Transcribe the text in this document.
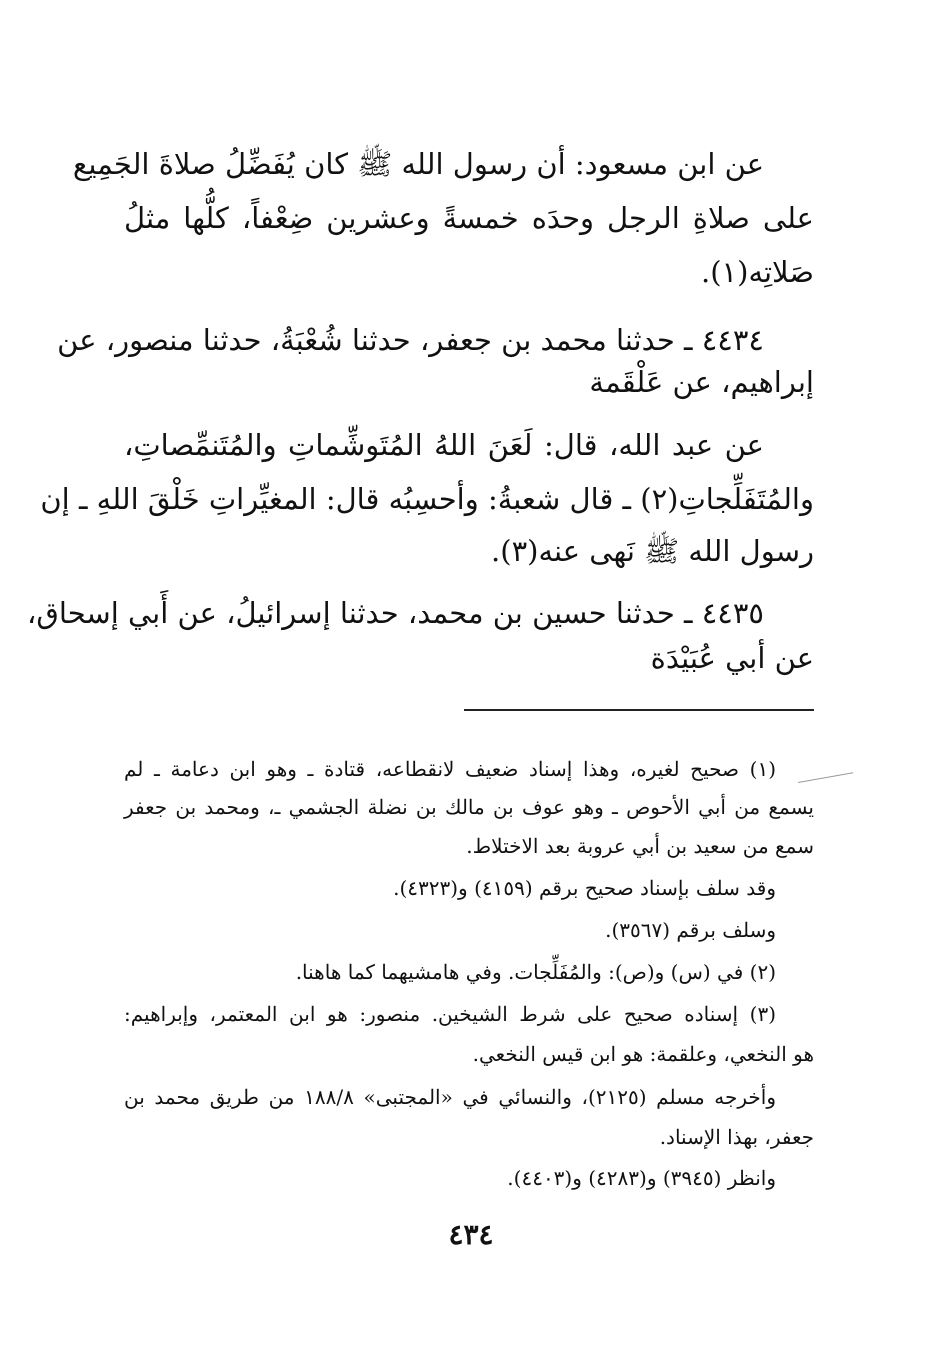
عن ابن مسعود: أن رسول الله ﷺ كان يُفَضِّلُ صلاةَ الجَمِيع
على صلاةِ الرجل وحدَه خمسةً وعشرين ضِعْفاً، كلُّها مثلُ
صَلاتِه(١).
٤٤٣٤ ـ حدثنا محمد بن جعفر، حدثنا شُعْبَةُ، حدثنا منصور، عن
إبراهيم، عن عَلْقَمة
عن عبد الله، قال: لَعَنَ اللهُ المُتَوشِّماتِ والمُتَنمِّصاتِ،
والمُتَفَلِّجاتِ(٢) ـ قال شعبةُ: وأحسِبُه قال: المغيِّراتِ خَلْقَ اللهِ ـ إن
رسول الله ﷺ نَهى عنه(٣).
٤٤٣٥ ـ حدثنا حسين بن محمد، حدثنا إسرائيلُ، عن أَبي إسحاق،
عن أبي عُبَيْدَة
(١) صحيح لغيره، وهذا إسناد ضعيف لانقطاعه، قتادة ـ وهو ابن دعامة ـ لم
يسمع من أبي الأحوص ـ وهو عوف بن مالك بن نضلة الجشمي ـ، ومحمد بن جعفر
سمع من سعيد بن أبي عروبة بعد الاختلاط.
وقد سلف بإسناد صحيح برقم (٤١٥٩) و(٤٣٢٣).
وسلف برقم (٣٥٦٧).
(٢) في (س) و(ص): والمُفَلِّجات. وفي هامشيهما كما هاهنا.
(٣) إسناده صحيح على شرط الشيخين. منصور: هو ابن المعتمر، وإبراهيم:
هو النخعي، وعلقمة: هو ابن قيس النخعي.
وأخرجه مسلم (٢١٢٥)، والنسائي في «المجتبى» ١٨٨/٨ من طريق محمد بن
جعفر، بهذا الإسناد.
وانظر (٣٩٤٥) و(٤٢٨٣) و(٤٤٠٣).
٤٣٤
